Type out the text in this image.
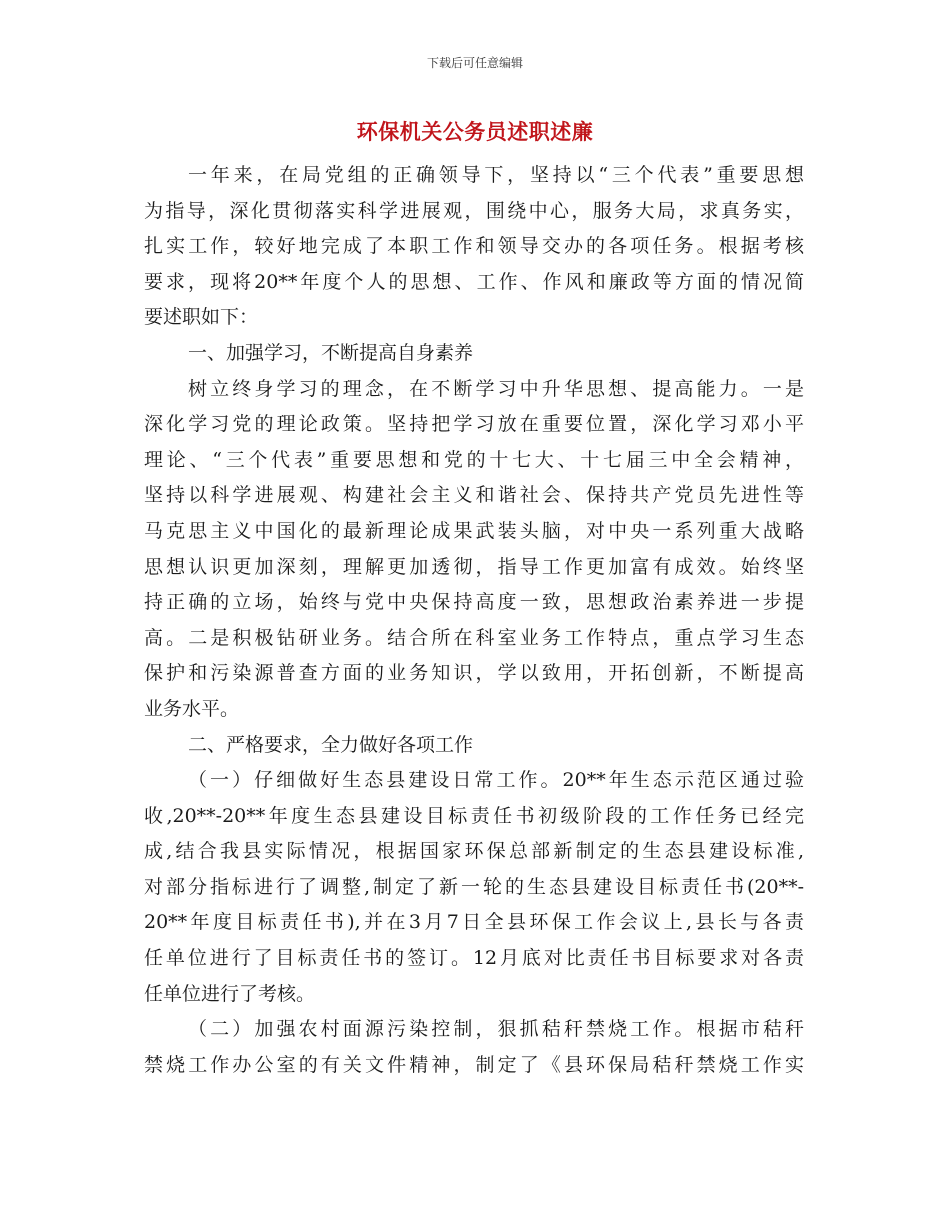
下载后可任意编辑
环保机关公务员述职述廉
一年来，在局党组的正确领导下，坚持以“三个代表”重要思想
为指导，深化贯彻落实科学进展观，围绕中心，服务大局，求真务实，
扎实工作，较好地完成了本职工作和领导交办的各项任务。根据考核
要求，现将20**年度个人的思想、工作、作风和廉政等方面的情况简
要述职如下：
一、加强学习，不断提高自身素养
树立终身学习的理念，在不断学习中升华思想、提高能力。一是
深化学习党的理论政策。坚持把学习放在重要位置，深化学习邓小平
理论、“三个代表”重要思想和党的十七大、十七届三中全会精神，
坚持以科学进展观、构建社会主义和谐社会、保持共产党员先进性等
马克思主义中国化的最新理论成果武装头脑，对中央一系列重大战略
思想认识更加深刻，理解更加透彻，指导工作更加富有成效。始终坚
持正确的立场，始终与党中央保持高度一致，思想政治素养进一步提
高。二是积极钻研业务。结合所在科室业务工作特点，重点学习生态
保护和污染源普查方面的业务知识，学以致用，开拓创新，不断提高
业务水平。
二、严格要求，全力做好各项工作
（一）仔细做好生态县建设日常工作。20**年生态示范区通过验
收,20**-20**年度生态县建设目标责任书初级阶段的工作任务已经完
成,结合我县实际情况，根据国家环保总部新制定的生态县建设标准,
对部分指标进行了调整,制定了新一轮的生态县建设目标责任书(20**-
20**年度目标责任书),并在3月7日全县环保工作会议上,县长与各责
任单位进行了目标责任书的签订。12月底对比责任书目标要求对各责
任单位进行了考核。
（二）加强农村面源污染控制，狠抓秸秆禁烧工作。根据市秸秆
禁烧工作办公室的有关文件精神，制定了《县环保局秸秆禁烧工作实
